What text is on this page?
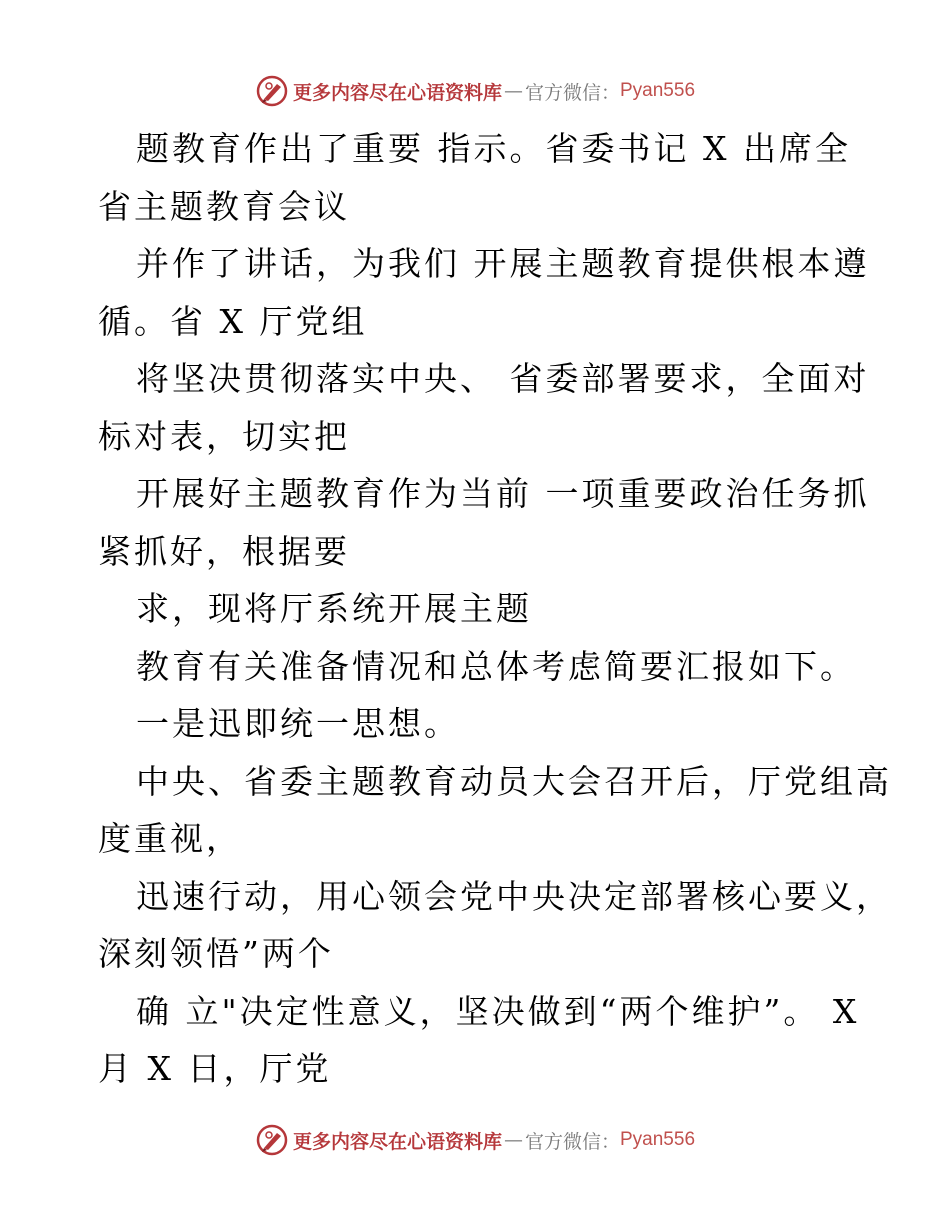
更多内容尽在心语资料库 — 官方微信： Pyan556
题教育作出了重要 指示。省委书记 X 出席全
省主题教育会议
并作了讲话，为我们 开展主题教育提供根本遵
循。省 X 厅党组
将坚决贯彻落实中央、 省委部署要求，全面对
标对表，切实把
开展好主题教育作为当前 一项重要政治任务抓
紧抓好，根据要
求，现将厅系统开展主题
教育有关准备情况和总体考虑简要汇报如下。
一是迅即统一思想。
中央、省委主题教育动员大会召开后，厅党组高
度重视，
迅速行动，用心领会党中央决定部署核心要义，
深刻领悟”两个
确 立"决定性意义，坚决做到“两个维护”。 X
月 X 日，厅党
更多内容尽在心语资料库 — 官方微信： Pyan556
